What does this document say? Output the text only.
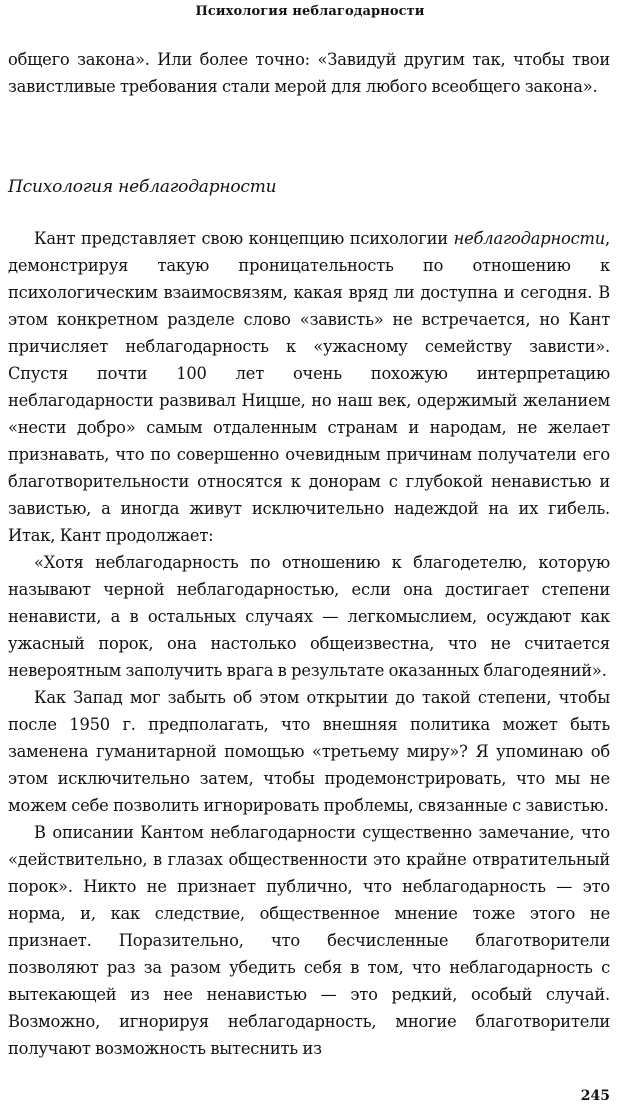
Психология неблагодарности

общего закона». Или более точно: «Завидуй другим так, чтобы твои завистливые требования стали мерой для любого всеобщего закона».

Психология неблагодарности

Кант представляет свою концепцию психологии неблагодарности, демонстрируя такую проницательность по отношению к психологическим взаимосвязям, какая вряд ли доступна и сегодня. В этом конкретном разделе слово «зависть» не встречается, но Кант причисляет неблагодарность к «ужасному семейству зависти». Спустя почти 100 лет очень похожую интерпретацию неблагодарности развивал Ницше, но наш век, одержимый желанием «нести добро» самым отдаленным странам и народам, не желает признавать, что по совершенно очевидным причинам получатели его благотворительности относятся к донорам с глубокой ненавистью и завистью, а иногда живут исключительно надеждой на их гибель. Итак, Кант продолжает:

«Хотя неблагодарность по отношению к благодетелю, которую называют черной неблагодарностью, если она достигает степени ненависти, а в остальных случаях — легкомыслием, осуждают как ужасный порок, она настолько общеизвестна, что не считается невероятным заполучить врага в результате оказанных благодеяний».

Как Запад мог забыть об этом открытии до такой степени, чтобы после 1950 г. предполагать, что внешняя политика может быть заменена гуманитарной помощью «третьему миру»? Я упоминаю об этом исключительно затем, чтобы продемонстрировать, что мы не можем себе позволить игнорировать проблемы, связанные с завистью.

В описании Кантом неблагодарности существенно замечание, что «действительно, в глазах общественности это крайне отвратительный порок». Никто не признает публично, что неблагодарность — это норма, и, как следствие, общественное мнение тоже этого не признает. Поразительно, что бесчисленные благотворители позволяют раз за разом убедить себя в том, что неблагодарность с вытекающей из нее ненавистью — это редкий, особый случай. Возможно, игнорируя неблагодарность, многие благотворители получают возможность вытеснить из

245
